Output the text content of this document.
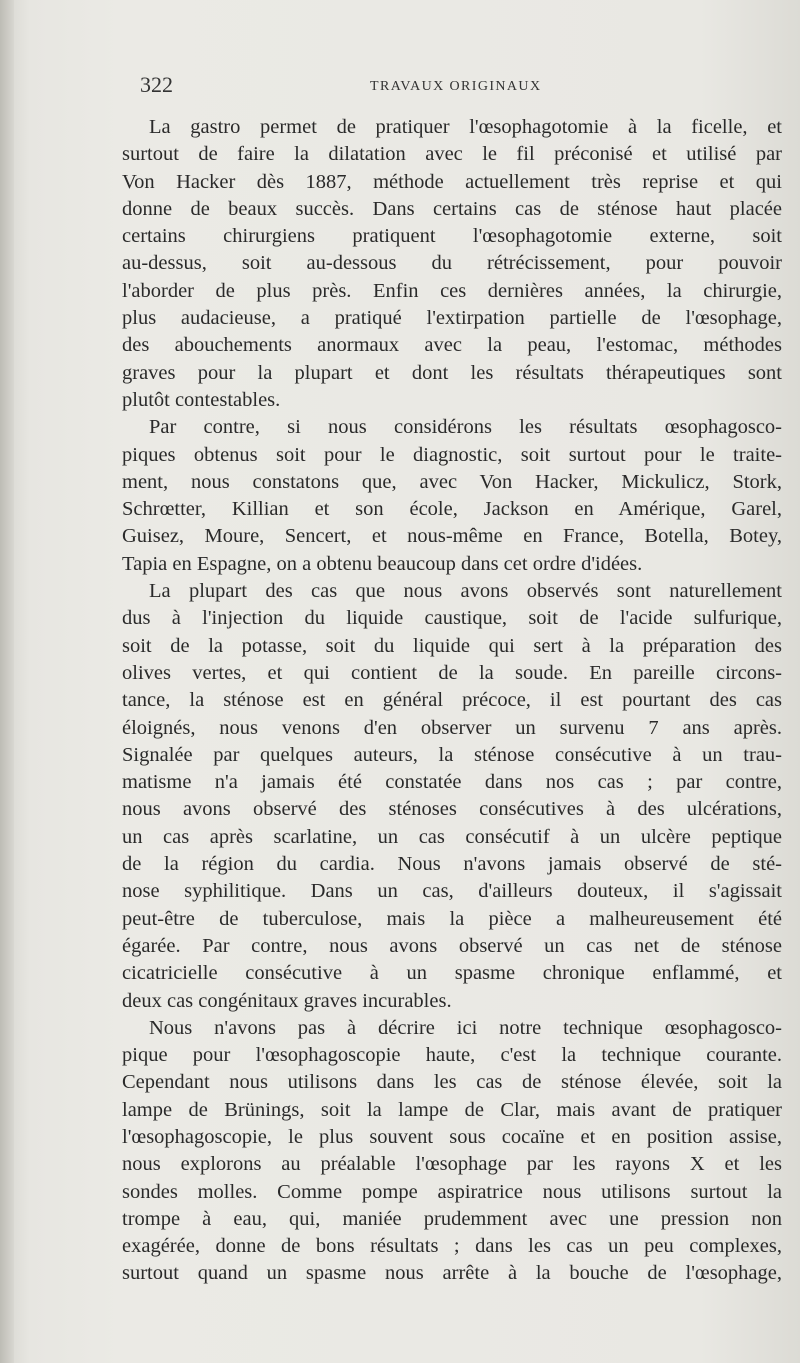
322	TRAVAUX ORIGINAUX
La gastro permet de pratiquer l'œsophagotomie à la ficelle, et
surtout de faire la dilatation avec le fil préconisé et utilisé par
Von Hacker dès 1887, méthode actuellement très reprise et qui
donne de beaux succès. Dans certains cas de sténose haut placée
certains chirurgiens pratiquent l'œsophagotomie externe, soit
au-dessus, soit au-dessous du rétrécissement, pour pouvoir
l'aborder de plus près. Enfin ces dernières années, la chirurgie,
plus audacieuse, a pratiqué l'extirpation partielle de l'œsophage,
des abouchements anormaux avec la peau, l'estomac, méthodes
graves pour la plupart et dont les résultats thérapeutiques sont
plutôt contestables.
Par contre, si nous considérons les résultats œsophagosco-
piques obtenus soit pour le diagnostic, soit surtout pour le traite-
ment, nous constatons que, avec Von Hacker, Mickulicz, Stork,
Schrœtter, Killian et son école, Jackson en Amérique, Garel,
Guisez, Moure, Sencert, et nous-même en France, Botella, Botey,
Tapia en Espagne, on a obtenu beaucoup dans cet ordre d'idées.
La plupart des cas que nous avons observés sont naturellement
dus à l'injection du liquide caustique, soit de l'acide sulfurique,
soit de la potasse, soit du liquide qui sert à la préparation des
olives vertes, et qui contient de la soude. En pareille circons-
tance, la sténose est en général précoce, il est pourtant des cas
éloignés, nous venons d'en observer un survenu 7 ans après.
Signalée par quelques auteurs, la sténose consécutive à un trau-
matisme n'a jamais été constatée dans nos cas ; par contre,
nous avons observé des sténoses consécutives à des ulcérations,
un cas après scarlatine, un cas consécutif à un ulcère peptique
de la région du cardia. Nous n'avons jamais observé de sté-
nose syphilitique. Dans un cas, d'ailleurs douteux, il s'agissait
peut-être de tuberculose, mais la pièce a malheureusement été
égarée. Par contre, nous avons observé un cas net de sténose
cicatricielle consécutive à un spasme chronique enflammé, et
deux cas congénitaux graves incurables.
Nous n'avons pas à décrire ici notre technique œsophagosco-
pique pour l'œsophagoscopie haute, c'est la technique courante.
Cependant nous utilisons dans les cas de sténose élevée, soit la
lampe de Brünings, soit la lampe de Clar, mais avant de pratiquer
l'œsophagoscopie, le plus souvent sous cocaïne et en position assise,
nous explorons au préalable l'œsophage par les rayons X et les
sondes molles. Comme pompe aspiratrice nous utilisons surtout la
trompe à eau, qui, maniée prudemment avec une pression non
exagérée, donne de bons résultats ; dans les cas un peu complexes,
surtout quand un spasme nous arrête à la bouche de l'œsophage,
